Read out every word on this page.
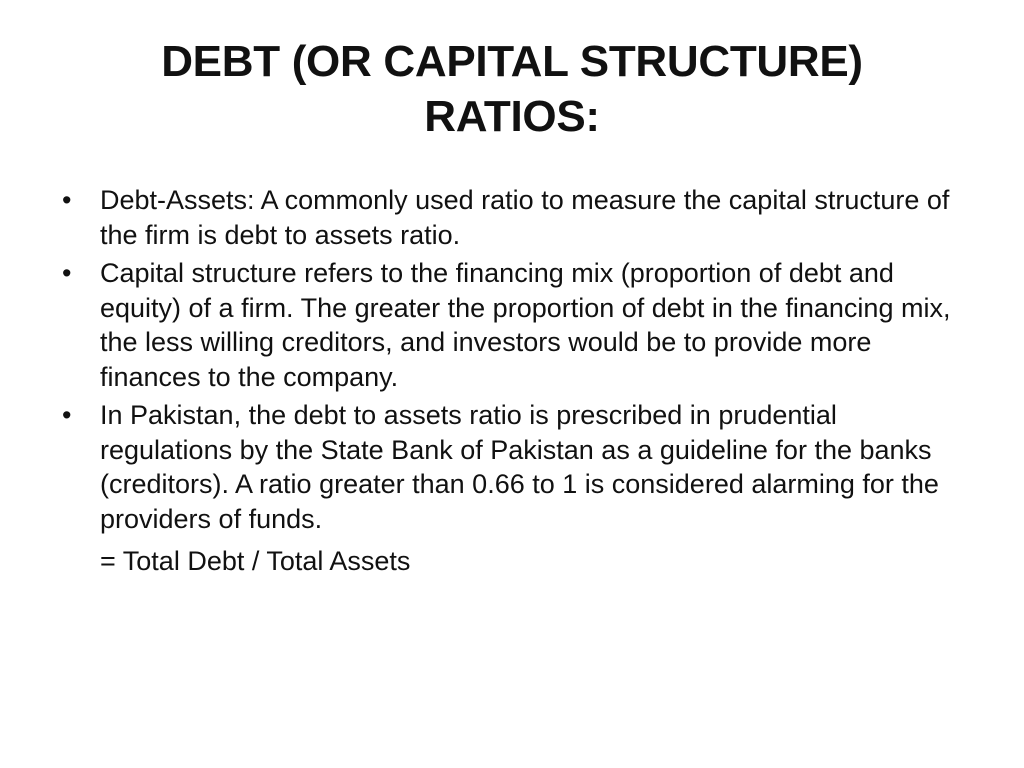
DEBT (OR CAPITAL STRUCTURE) RATIOS:
• Debt-Assets: A commonly used ratio to measure the capital structure of the firm is debt to assets ratio.
• Capital structure refers to the financing mix (proportion of debt and equity) of a firm. The greater the proportion of debt in the financing mix, the less willing creditors, and investors would be to provide more finances to the company.
• In Pakistan, the debt to assets ratio is prescribed in prudential regulations by the State Bank of Pakistan as a guideline for the banks (creditors). A ratio greater than 0.66 to 1 is considered alarming for the providers of funds.
= Total Debt / Total Assets
